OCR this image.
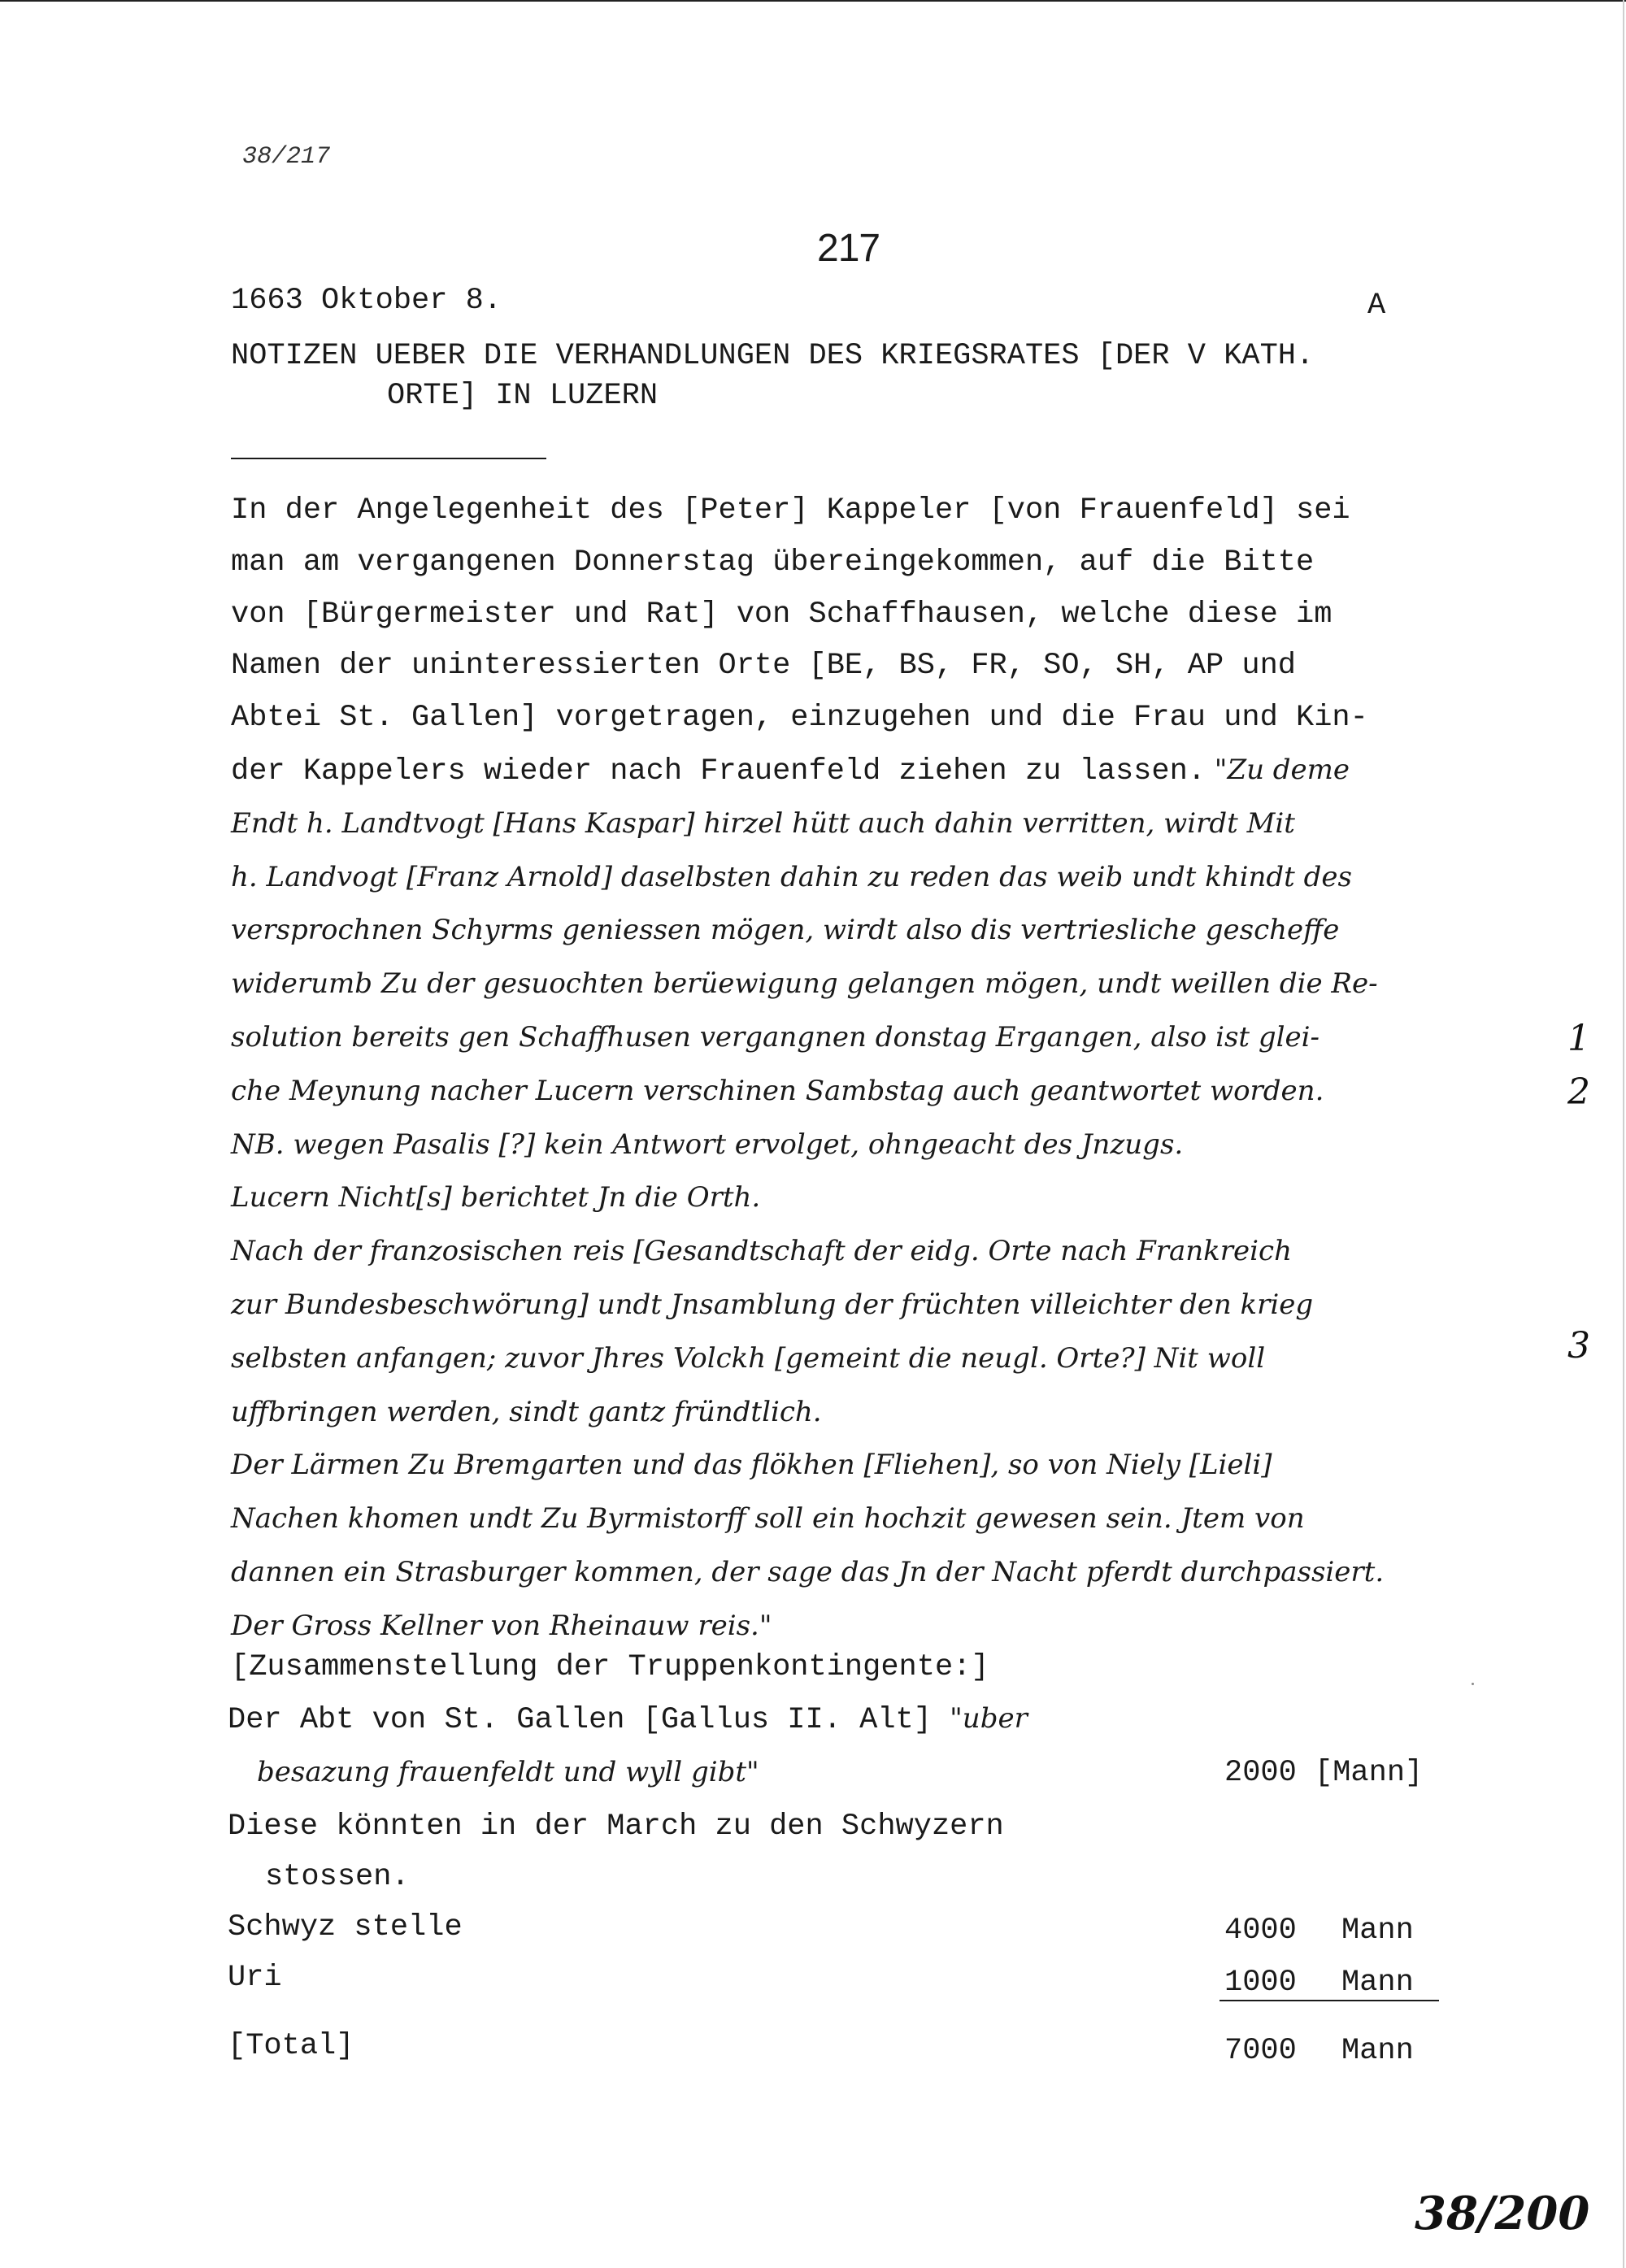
38/217
217
1663 Oktober 8.	A
NOTIZEN UEBER DIE VERHANDLUNGEN DES KRIEGSRATES [DER V KATH.
ORTE] IN LUZERN
In der Angelegenheit des [Peter] Kappeler [von Frauenfeld] sei
man am vergangenen Donnerstag übereingekommen, auf die Bitte
von [Bürgermeister und Rat] von Schaffhausen, welche diese im
Namen der uninteressierten Orte [BE, BS, FR, SO, SH, AP und
Abtei St. Gallen] vorgetragen, einzugehen und die Frau und Kin-
der Kappelers wieder nach Frauenfeld ziehen zu lassen. "Zu deme
Endt h. Landtvogt [Hans Kaspar] hirzel hütt auch dahin verritten, wirdt Mit
h. Landvogt [Franz Arnold] daselbsten dahin zu reden das weib undt khindt des
versprochnen Schyrms geniessen mögen, wirdt also dis vertriesliche gescheffe
widerumb Zu der gesuochten berüewigung gelangen mögen, undt weillen die Re-
solution bereits gen Schaffhusen vergangnen donstag Ergangen, also ist glei-
che Meynung nacher Lucern verschinen Sambstag auch geantwortet worden.
NB. wegen Pasalis [?] kein Antwort ervolget, ohngeacht des Jnzugs.
Lucern Nicht[s] berichtet Jn die Orth.
Nach der franzosischen reis [Gesandtschaft der eidg. Orte nach Frankreich
zur Bundesbeschwörung] undt Jnsamblung der früchten villeichter den krieg
selbsten anfangen; zuvor Jhres Volckh [gemeint die neugl. Orte?] Nit woll
uffbringen werden, sindt gantz fründtlich.
Der Lärmen Zu Bremgarten und das flökhen [Fliehen], so von Niely [Lieli]
Nachen khomen undt Zu Byrmistorff soll ein hochzit gewesen sein. Jtem von
dannen ein Strasburger kommen, der sage das Jn der Nacht pferdt durchpassiert.
Der Gross Kellner von Rheinauw reis."
1
2
3
[Zusammenstellung der Truppenkontingente:]
Der Abt von St. Gallen [Gallus II. Alt] "uber
besazung frauenfeldt und wyll gibt"	2000 [Mann]
Diese könnten in der March zu den Schwyzern
stossen.
Schwyz stelle	4000 Mann
Uri	1000 Mann
[Total]	7000 Mann
38/200
